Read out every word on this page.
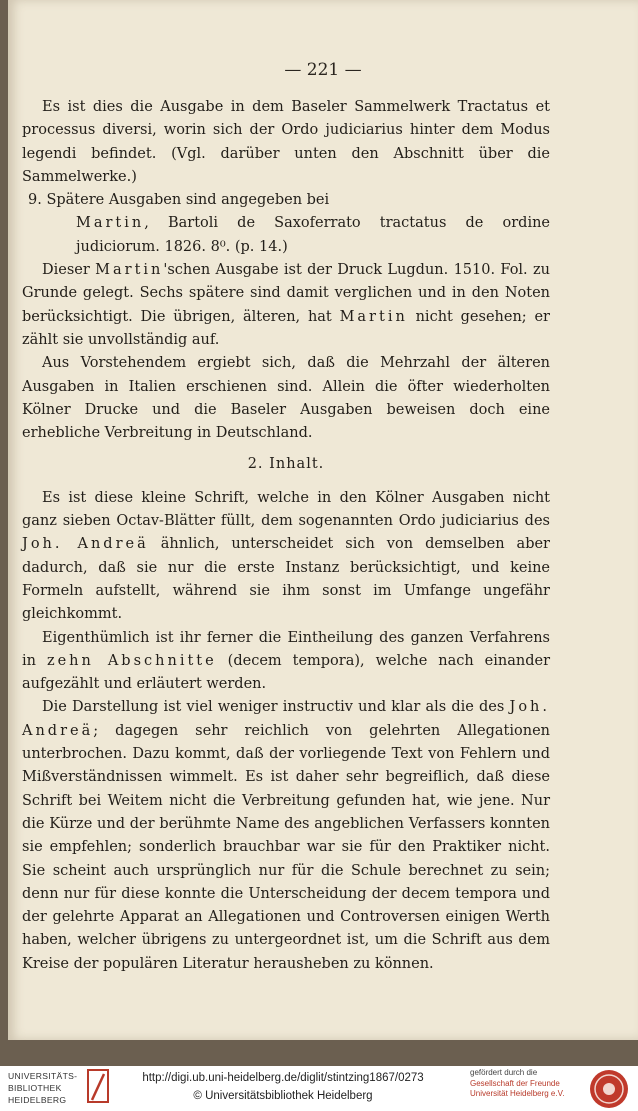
— 221 —

Es ist dies die Ausgabe in dem Baseler Sammelwerk Tractatus et processus diversi, worin sich der Ordo judiciarius hinter dem Modus legendi befindet. (Vgl. darüber unten den Abschnitt über die Sammelwerke.)

9. Spätere Ausgaben sind angegeben bei

Martin, Bartoli de Saxoferrato tractatus de ordine judiciorum. 1826. 8⁰. (p. 14.)

Dieser Martin'schen Ausgabe ist der Druck Lugdun. 1510. Fol. zu Grunde gelegt. Sechs spätere sind damit verglichen und in den Noten berücksichtigt. Die übrigen, älteren, hat Martin nicht gesehen; er zählt sie unvollständig auf.

Aus Vorstehendem ergiebt sich, daß die Mehrzahl der älteren Ausgaben in Italien erschienen sind. Allein die öfter wiederholten Kölner Drucke und die Baseler Ausgaben beweisen doch eine erhebliche Verbreitung in Deutschland.

2. Inhalt.

Es ist diese kleine Schrift, welche in den Kölner Ausgaben nicht ganz sieben Octav-Blätter füllt, dem sogenannten Ordo judiciarius des Joh. Andreä ähnlich, unterscheidet sich von demselben aber dadurch, daß sie nur die erste Instanz berücksichtigt, und keine Formeln aufstellt, während sie ihm sonst im Umfange ungefähr gleichkommt.

Eigenthümlich ist ihr ferner die Eintheilung des ganzen Verfahrens in zehn Abschnitte (decem tempora), welche nach einander aufgezählt und erläutert werden.

Die Darstellung ist viel weniger instructiv und klar als die des Joh. Andreä; dagegen sehr reichlich von gelehrten Allegationen unterbrochen. Dazu kommt, daß der vorliegende Text von Fehlern und Mißverständnissen wimmelt. Es ist daher sehr begreiflich, daß diese Schrift bei Weitem nicht die Verbreitung gefunden hat, wie jene. Nur die Kürze und der berühmte Name des angeblichen Verfassers konnten sie empfehlen; sonderlich brauchbar war sie für den Praktiker nicht. Sie scheint auch ursprünglich nur für die Schule berechnet zu sein; denn nur für diese konnte die Unterscheidung der decem tempora und der gelehrte Apparat an Allegationen und Controversen einigen Werth haben, welcher übrigens zu untergeordnet ist, um die Schrift aus dem Kreise der populären Literatur herausheben zu können.

UNIVERSITÄTS-
BIBLIOTHEK
HEIDELBERG
http://digi.ub.uni-heidelberg.de/diglit/stintzing1867/0273
© Universitätsbibliothek Heidelberg
gefördert durch die
Gesellschaft der Freunde
Universität Heidelberg e.V.
